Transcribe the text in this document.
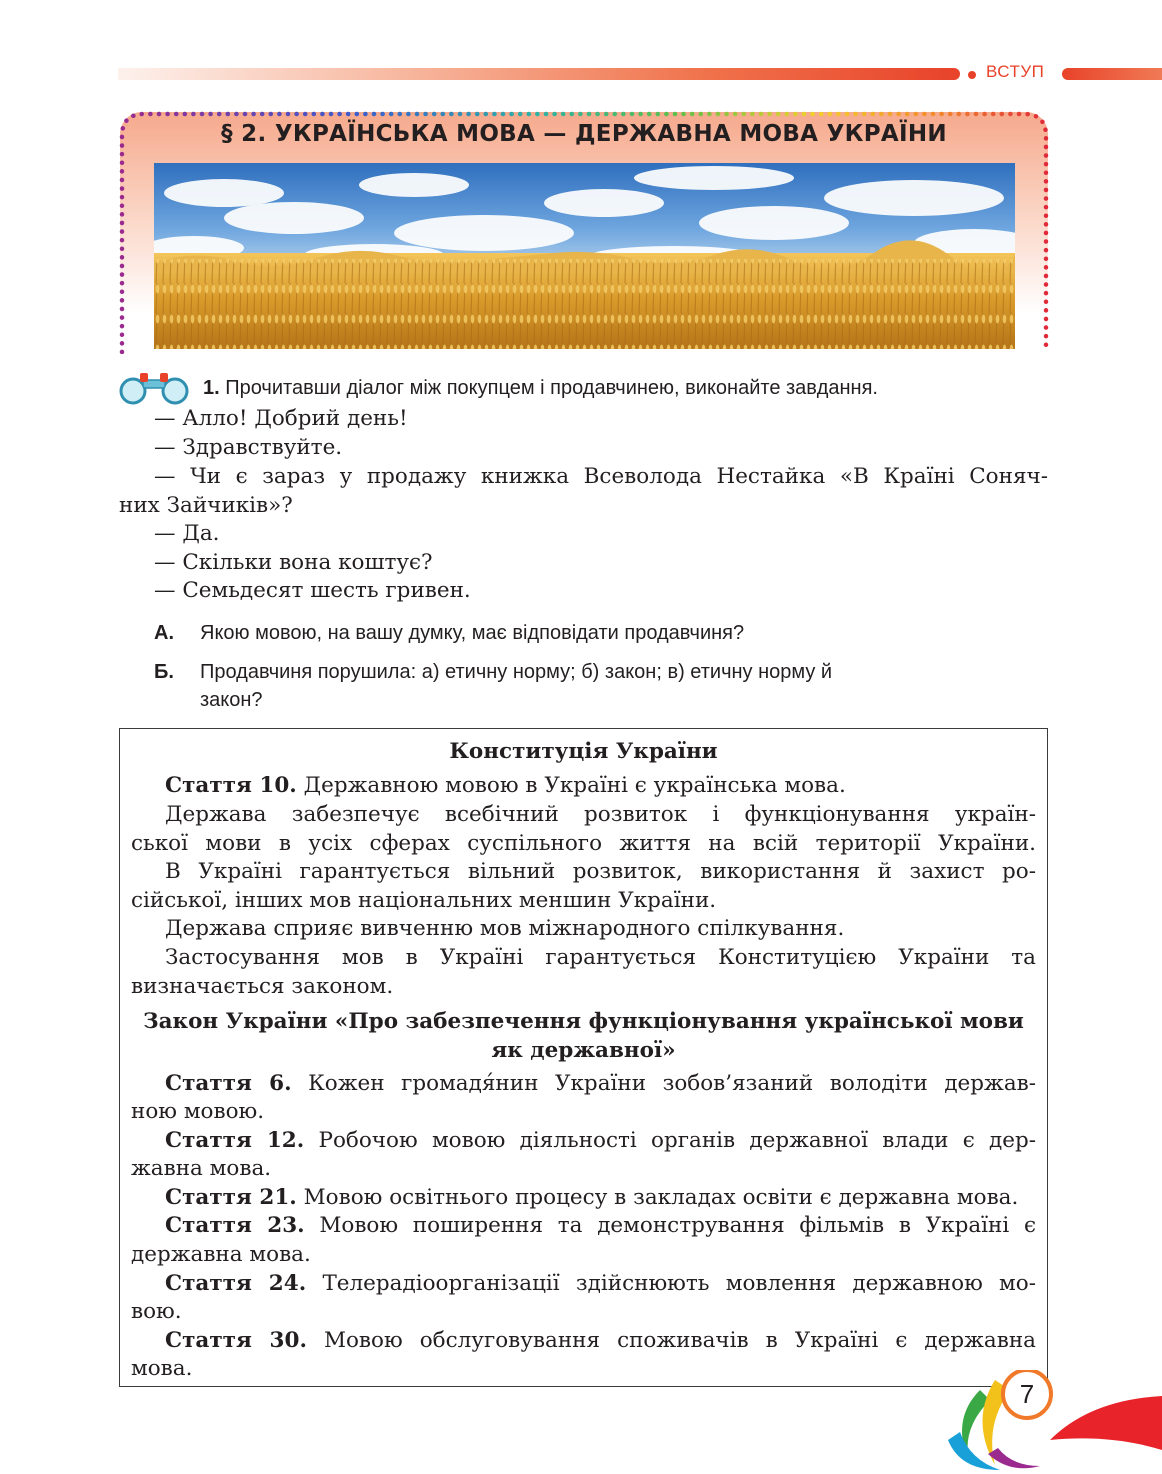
ВСТУП
§ 2. УКРАЇНСЬКА МОВА — ДЕРЖАВНА МОВА УКРАЇНИ
1. Прочитавши діалог між покупцем і продавчинею, виконайте завдання.
— Алло! Добрий день!
— Здравствуйте.
— Чи є зараз у продажу книжка Всеволода Нестайка «В Країні Соняч-
них Зайчиків»?
— Да.
— Скільки вона коштує?
— Семьдесят шесть гривен.
А. Якою мовою, на вашу думку, має відповідати продавчиня?
Б. Продавчиня порушила: а) етичну норму; б) закон; в) етичну норму й
закон?
Конституція України
Стаття 10. Державною мовою в Україні є українська мова.
Держава забезпечує всебічний розвиток і функціонування україн-
ської мови в усіх сферах суспільного життя на всій території України.
В Україні гарантується вільний розвиток, використання й захист ро-
сійської, інших мов національних меншин України.
Держава сприяє вивченню мов міжнародного спілкування.
Застосування мов в Україні гарантується Конституцією України та
визначається законом.
Закон України «Про забезпечення функціонування української мови
як державної»
Стаття 6. Кожен громадя́нин України зобов’язаний володіти держав-
ною мовою.
Стаття 12. Робочою мовою діяльності органів державної влади є дер-
жавна мова.
Стаття 21. Мовою освітнього процесу в закладах освіти є державна мова.
Стаття 23. Мовою поширення та демонстрування фільмів в Україні є
державна мова.
Стаття 24. Телерадіоорганізації здійснюють мовлення державною мо-
вою.
Стаття 30. Мовою обслуговування споживачів в Україні є державна
мова.
7
